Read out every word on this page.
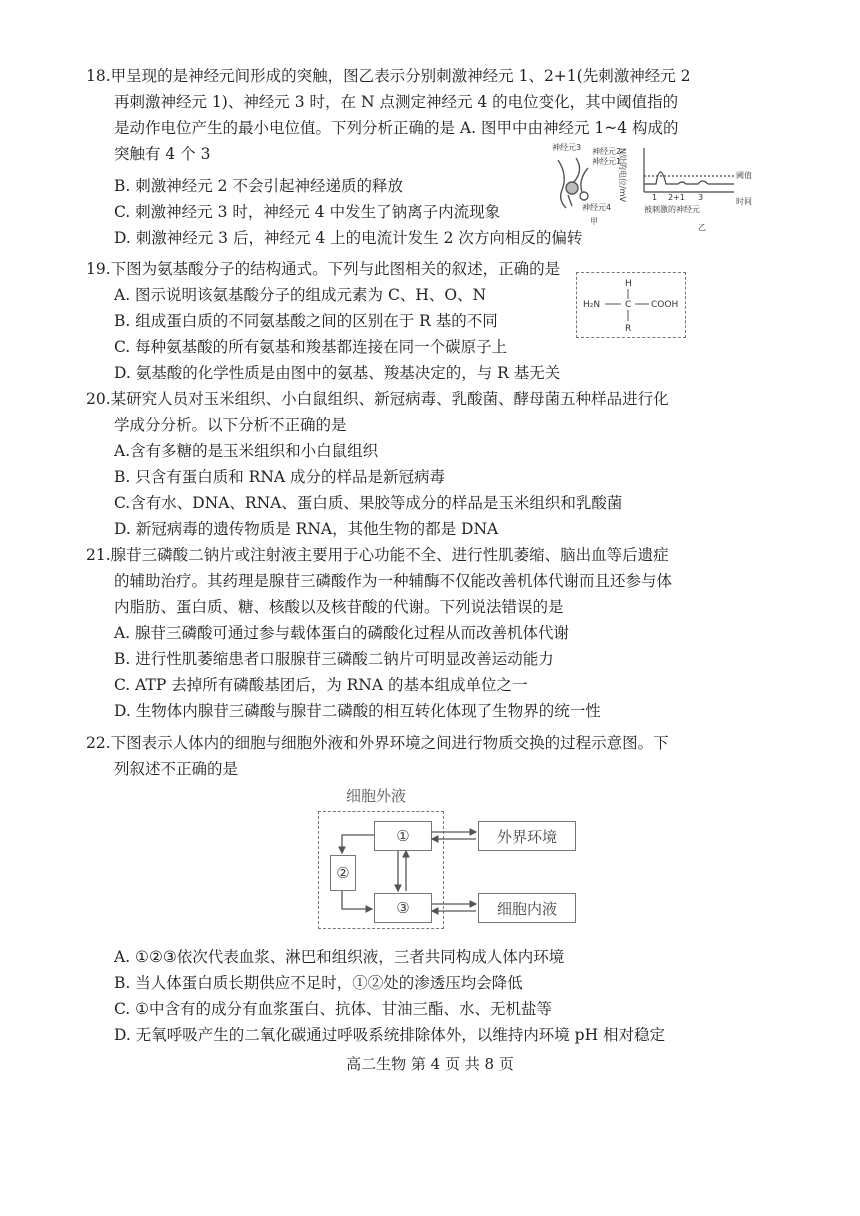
18.甲呈现的是神经元间形成的突触，图乙表示分别刺激神经元 1、2+1(先刺激神经元 2

再刺激神经元 1)、神经元 3 时，在 N 点测定神经元 4 的电位变化，其中阈值指的

是动作电位产生的最小电位值。下列分析正确的是 A. 图甲中由神经元 1~4 构成的

突触有 4 个 3

B. 刺激神经元 2 不会引起神经递质的释放

C. 刺激神经元 3 时，神经元 4 中发生了钠离子内流现象

D. 刺激神经元 3 后，神经元 4 上的电流计发生 2 次方向相反的偏转

神经元3 神经元2
神经元1
神经元4
甲
乙
阈值
被刺激的神经元
时间
1 2+1 3
N处的电位/mV

19.下图为氨基酸分子的结构通式。下列与此图相关的叙述，正确的是

A. 图示说明该氨基酸分子的组成元素为 C、H、O、N

B. 组成蛋白质的不同氨基酸之间的区别在于 R 基的不同

C. 每种氨基酸的所有氨基和羧基都连接在同一个碳原子上

D. 氨基酸的化学性质是由图中的氨基、羧基决定的，与 R 基无关

H
H₂N	C COOH
R

20.某研究人员对玉米组织、小白鼠组织、新冠病毒、乳酸菌、酵母菌五种样品进行化

学成分分析。以下分析不正确的是

A.含有多糖的是玉米组织和小白鼠组织

B. 只含有蛋白质和 RNA 成分的样品是新冠病毒

C.含有水、DNA、RNA、蛋白质、果胶等成分的样品是玉米组织和乳酸菌

D. 新冠病毒的遗传物质是 RNA，其他生物的都是 DNA

21.腺苷三磷酸二钠片或注射液主要用于心功能不全、进行性肌萎缩、脑出血等后遗症

的辅助治疗。其药理是腺苷三磷酸作为一种辅酶不仅能改善机体代谢而且还参与体

内脂肪、蛋白质、糖、核酸以及核苷酸的代谢。下列说法错误的是

A. 腺苷三磷酸可通过参与载体蛋白的磷酸化过程从而改善机体代谢

B. 进行性肌萎缩患者口服腺苷三磷酸二钠片可明显改善运动能力

C. ATP 去掉所有磷酸基团后，为 RNA 的基本组成单位之一

D. 生物体内腺苷三磷酸与腺苷二磷酸的相互转化体现了生物界的统一性

22.下图表示人体内的细胞与细胞外液和外界环境之间进行物质交换的过程示意图。下

列叙述不正确的是

细胞外液
①
②
③
外界环境
细胞内液

A. ①②③依次代表血浆、淋巴和组织液，三者共同构成人体内环境

B. 当人体蛋白质长期供应不足时，①②处的渗透压均会降低

C. ①中含有的成分有血浆蛋白、抗体、甘油三酯、水、无机盐等

D. 无氧呼吸产生的二氧化碳通过呼吸系统排除体外，以维持内环境 pH 相对稳定

高二生物 第 4 页 共 8 页
